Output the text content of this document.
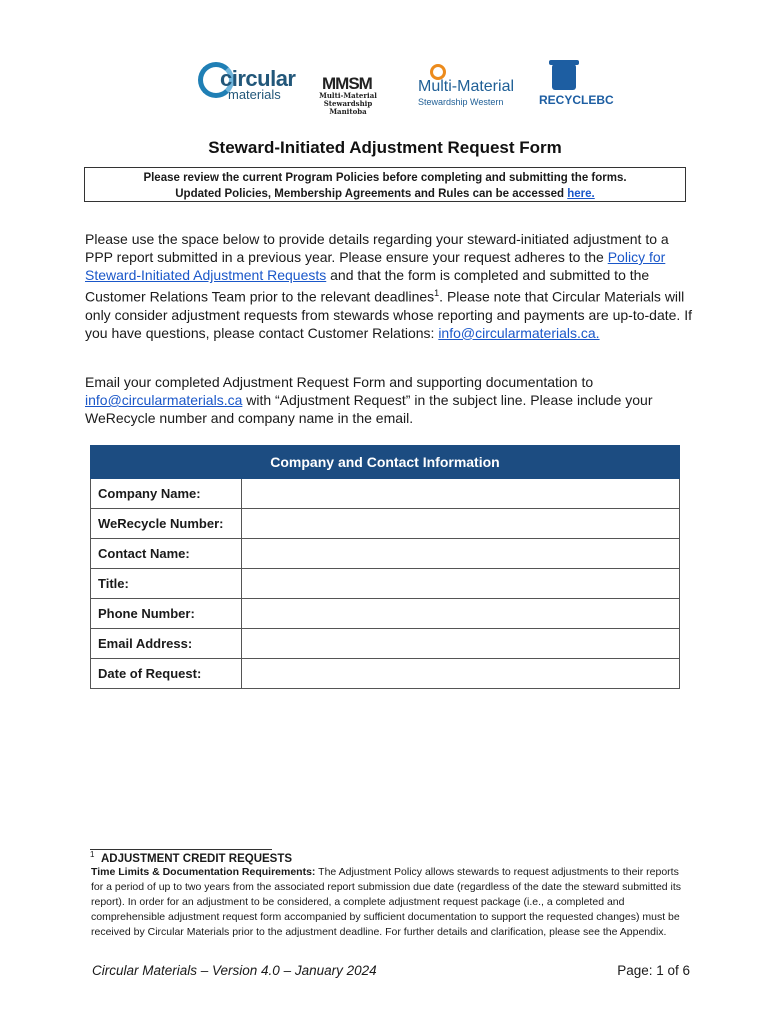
circular
materials
MMSM
Multi-Material
Stewardship Manitoba
Multi-Material
Stewardship Western	RECYCLEBC
Steward-Initiated Adjustment Request Form
Please review the current Program Policies before completing and submitting the forms.
Updated Policies, Membership Agreements and Rules can be accessed here.

Please use the space below to provide details regarding your steward-initiated adjustment to a PPP report submitted in a previous year. Please ensure your request adheres to the Policy for Steward-Initiated Adjustment Requests and that the form is completed and submitted to the Customer Relations Team prior to the relevant deadlines$^1$. Please note that Circular Materials will only consider adjustment requests from stewards whose reporting and payments are up-to-date. If you have questions, please contact Customer Relations: info@circularmaterials.ca.

Email your completed Adjustment Request Form and supporting documentation to info@circularmaterials.ca with “Adjustment Request” in the subject line. Please include your WeRecycle number and company name in the email.

Company and Contact Information	
Company Name:	
WeRecycle Number:	
Contact Name:	
Title:	
Phone Number:	
Email Address:	
Date of Request:	
1 ADJUSTMENT CREDIT REQUESTS

Time Limits & Documentation Requirements: The Adjustment Policy allows stewards to request adjustments to their reports for a period of up to two years from the associated report submission due date (regardless of the date the steward submitted its report). In order for an adjustment to be considered, a complete adjustment request package (i.e., a completed and comprehensible adjustment request form accompanied by sufficient documentation to support the requested changes) must be received by Circular Materials prior to the adjustment deadline. For further details and clarification, please see the Appendix.

Circular Materials – Version 4.0 – January 2024	Page: 1 of 6
